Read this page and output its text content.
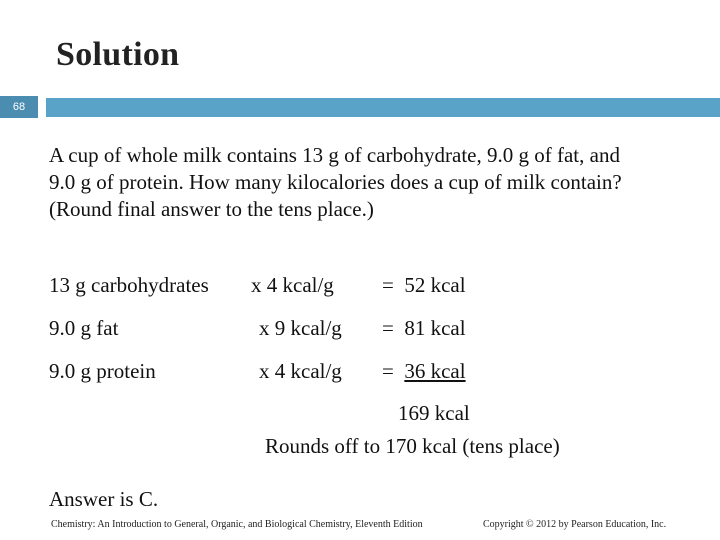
Solution
68
A cup of whole milk contains 13 g of carbohydrate, 9.0 g of fat, and 9.0 g of protein. How many kilocalories does a cup of milk contain? (Round final answer to the tens place.)
13 g carbohydrates x 4 kcal/g = 52 kcal
9.0 g fat	x 9 kcal/g = 81 kcal
9.0 g protein	x 4 kcal/g = 36 kcal
169 kcal
Rounds off to 170 kcal (tens place)
Answer is C.
Chemistry: An Introduction to General, Organic, and Biological Chemistry, Eleventh Edition	Copyright © 2012 by Pearson Education, Inc.
